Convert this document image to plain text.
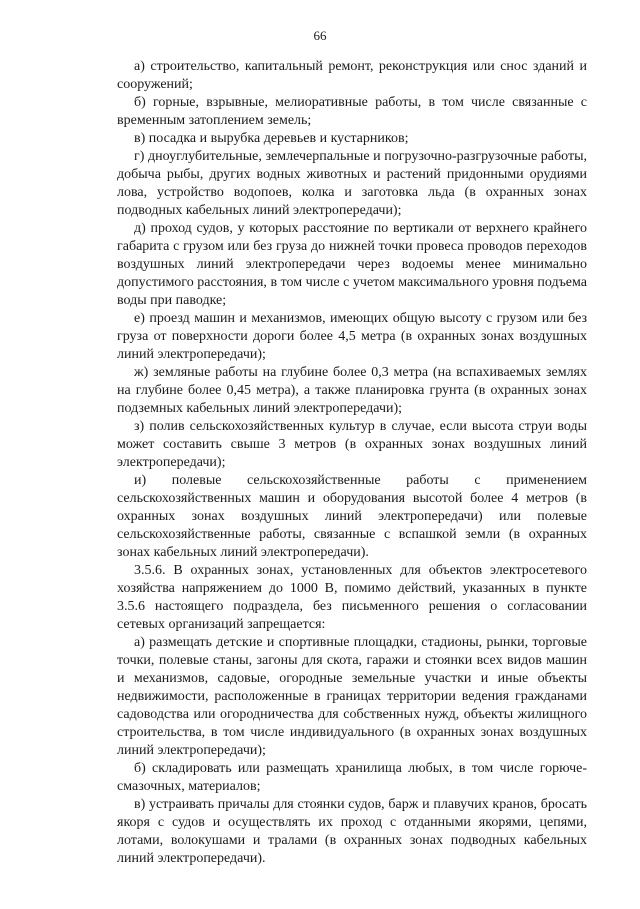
66

а) строительство, капитальный ремонт, реконструкция или снос зданий и сооружений;

б) горные, взрывные, мелиоративные работы, в том числе связанные с временным затоплением земель;

в) посадка и вырубка деревьев и кустарников;

г) дноуглубительные, землечерпальные и погрузочно-разгрузочные работы, добыча рыбы, других водных животных и растений придонными орудиями лова, устройство водопоев, колка и заготовка льда (в охранных зонах подводных кабельных линий электропередачи);

д) проход судов, у которых расстояние по вертикали от верхнего крайнего габарита с грузом или без груза до нижней точки провеса проводов переходов воздушных линий электропередачи через водоемы менее минимально допустимого расстояния, в том числе с учетом максимального уровня подъема воды при паводке;

е) проезд машин и механизмов, имеющих общую высоту с грузом или без груза от поверхности дороги более 4,5 метра (в охранных зонах воздушных линий электропередачи);

ж) земляные работы на глубине более 0,3 метра (на вспахиваемых землях на глубине более 0,45 метра), а также планировка грунта (в охранных зонах подземных кабельных линий электропередачи);

з) полив сельскохозяйственных культур в случае, если высота струи воды может составить свыше 3 метров (в охранных зонах воздушных линий электропередачи);

и) полевые сельскохозяйственные работы с применением сельскохозяйственных машин и оборудования высотой более 4 метров (в охранных зонах воздушных линий электропередачи) или полевые сельскохозяйственные работы, связанные с вспашкой земли (в охранных зонах кабельных линий электропередачи).

3.5.6. В охранных зонах, установленных для объектов электросетевого хозяйства напряжением до 1000 В, помимо действий, указанных в пункте 3.5.6 настоящего подраздела, без письменного решения о согласовании сетевых организаций запрещается:

а) размещать детские и спортивные площадки, стадионы, рынки, торговые точки, полевые станы, загоны для скота, гаражи и стоянки всех видов машин и механизмов, садовые, огородные земельные участки и иные объекты недвижимости, расположенные в границах территории ведения гражданами садоводства или огородничества для собственных нужд, объекты жилищного строительства, в том числе индивидуального (в охранных зонах воздушных линий электропередачи);

б) складировать или размещать хранилища любых, в том числе горюче-смазочных, материалов;

в) устраивать причалы для стоянки судов, барж и плавучих кранов, бросать якоря с судов и осуществлять их проход с отданными якорями, цепями, лотами, волокушами и тралами (в охранных зонах подводных кабельных линий электропередачи).
